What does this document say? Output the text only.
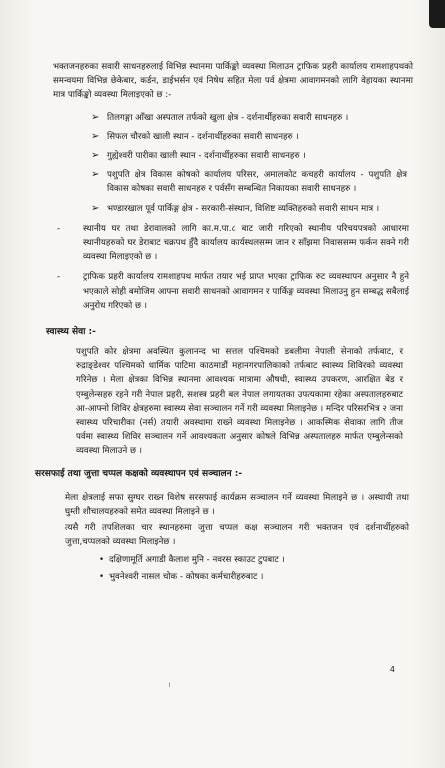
भक्तजनहरुका सवारी साधनहरुलाई विभिन्न स्थानमा पार्किङ्को व्यवस्था मिलाउन ट्राफिक प्रहरी कार्यालय रामशाहपथको समन्वयमा विभिन्न छेकेबार, कर्डन, डाईभर्सन एवं निषेध सहित मेला पर्व क्षेत्रमा आवागमनको लागि वेहायका स्थानमा मात्र पार्किङ्को व्यवस्था मिलाइएको छ :-

➢ तिलगङ्गा आँखा अस्पताल तर्फको खुला क्षेत्र - दर्शनार्थीहरुका सवारी साधनहरु ।
➢ सिफल चौरको खाली स्थान - दर्शनार्थीहरुका सवारी साधनहरु ।
➢ गुह्येश्वरी पारीका खाली स्थान - दर्शनार्थीहरुका सवारी साधनहरु ।
➢ पशुपति क्षेत्र विकास कोषको कार्यालय परिसर, अमालकोट कचहरी कार्यालय - पशुपति क्षेत्र विकास कोषका सवारी साधनहरु र पर्वसँग सम्बन्धित निकायका सवारी साधनहरु ।
➢ भण्डारखाल पूर्व पार्किङ्ग क्षेत्र - सरकारी-संस्थान, विशिष्ट व्यक्तिहरुको सवारी साधन मात्र ।
-	स्थानीय घर तथा डेरावालको लागि का.म.पा.८ बाट जारी गरिएको स्थानीय परिचयपत्रको आधारमा स्थानीयहरुको घर डेराबाट चक्रपथ हुँदै कार्यालय कार्यस्थलसम्म जान र साँझमा निवाससम्म फर्कन सक्ने गरी व्यवस्था मिलाइएको छ ।
-	ट्राफिक प्रहरी कार्यालय रामशाहपथ मार्फत तयार भई प्राप्त भएका ट्राफिक रुट व्यवस्थापन अनुसार नै हुने भएकाले सोही बमोजिम आफ्ना सवारी साधनको आवागमन र पार्किङ्ग व्यवस्था मिलाउनु हुन सम्बद्ध सबैलाई अनुरोध गरिएको छ ।
स्वास्थ्य सेवा :-

पशुपति कोर क्षेत्रमा अवस्थित कुलानन्द भा सत्तल पश्चिमको डबलीमा नेपाली सेनाको तर्फबाट, र रुद्राङ्डेश्वर पश्चिमको धार्मिक पाटिमा काठमाडौं महानगरपालिकाको तर्फबाट स्वास्थ्य शिविरको व्यवस्था गरिनेछ । मेला क्षेत्रका विभिन्न स्थानमा आवश्यक मात्रामा औषधी, स्वास्थ्य उपकरण, आरक्षित बेड र एम्बुलेन्सहरु रहने गरी नेपाल प्रहरी, सशस्त्र प्रहरी बल नेपाल लगायतका उपत्यकामा रहेका अस्पतालहरुबाट आ-आफ्नो शिविर क्षेत्रहरुमा स्वास्थ्य सेवा सञ्चालन गर्ने गरी व्यवस्था मिलाइनेछ । मन्दिर परिसरभित्र २ जना स्वास्थ्य परिचारीका (नर्स) तयारी अवस्थामा राख्ने व्यवस्था मिलाइनेछ । आकस्मिक सेवाका लागि तीज पर्वमा स्वास्थ्य शिविर सञ्चालन गर्ने आवश्यकता अनुसार कोषले विभिन्न अस्पतालहरु मार्फत एम्बुलेन्सको व्यवस्था मिलाउने छ ।

सरसफाई तथा जुत्ता चप्पल कक्षको व्यवस्थापन एवं सञ्चालन :-

मेला क्षेत्रलाई सफा सुग्घर राख्न विशेष सरसफाई कार्यक्रम सञ्चालन गर्ने व्यवस्था मिलाइने छ । अस्थायी तथा घुम्ती शौचालयहरुको समेत व्यवस्था मिलाइने छ ।

त्यसै गरी तपशिलका चार स्थानहरुमा जुत्ता चप्पल कक्ष सञ्चालन गरी भक्तजन एवं दर्शनार्थीहरुको जुत्ता,चप्पलको व्यवस्था मिलाइनेछ ।

• दक्षिणामूर्ति अगाडी कैलाश मुनि - नवरस स्काउट टुपबाट ।
• भुवनेश्वरी नासल चोक - कोषका कर्मचारीहरुबाट ।
।
4
